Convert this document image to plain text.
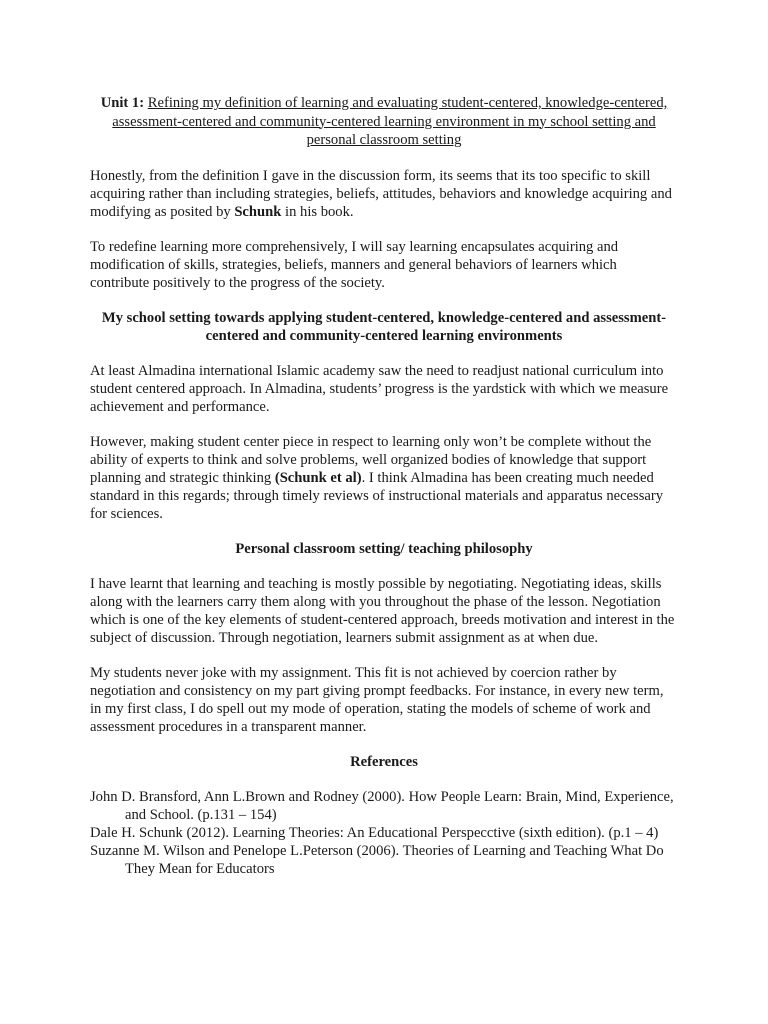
Unit 1: Refining my definition of learning and evaluating student-centered, knowledge-centered, assessment-centered and community-centered learning environment in my school setting and personal classroom setting

Honestly, from the definition I gave in the discussion form, its seems that its too specific to skill acquiring rather than including strategies, beliefs, attitudes, behaviors and knowledge acquiring and modifying as posited by Schunk in his book.

To redefine learning more comprehensively, I will say learning encapsulates acquiring and modification of skills, strategies, beliefs, manners and general behaviors of learners which contribute positively to the progress of the society.

My school setting towards applying student-centered, knowledge-centered and assessment-centered and community-centered learning environments

At least Almadina international Islamic academy saw the need to readjust national curriculum into student centered approach. In Almadina, students’ progress is the yardstick with which we measure achievement and performance.

However, making student center piece in respect to learning only won’t be complete without the ability of experts to think and solve problems, well organized bodies of knowledge that support planning and strategic thinking (Schunk et al). I think Almadina has been creating much needed standard in this regards; through timely reviews of instructional materials and apparatus necessary for sciences.

Personal classroom setting/ teaching philosophy

I have learnt that learning and teaching is mostly possible by negotiating. Negotiating ideas, skills along with the learners carry them along with you throughout the phase of the lesson. Negotiation which is one of the key elements of student-centered approach, breeds motivation and interest in the subject of discussion. Through negotiation, learners submit assignment as at when due.

My students never joke with my assignment. This fit is not achieved by coercion rather by negotiation and consistency on my part giving prompt feedbacks. For instance, in every new term, in my first class, I do spell out my mode of operation, stating the models of scheme of work and assessment procedures in a transparent manner.

References

John D. Bransford, Ann L.Brown and Rodney (2000). How People Learn: Brain, Mind, Experience, and School. (p.131 – 154)

Dale H. Schunk (2012). Learning Theories: An Educational Perspecctive (sixth edition). (p.1 – 4)

Suzanne M. Wilson and Penelope L.Peterson (2006). Theories of Learning and Teaching What Do They Mean for Educators
